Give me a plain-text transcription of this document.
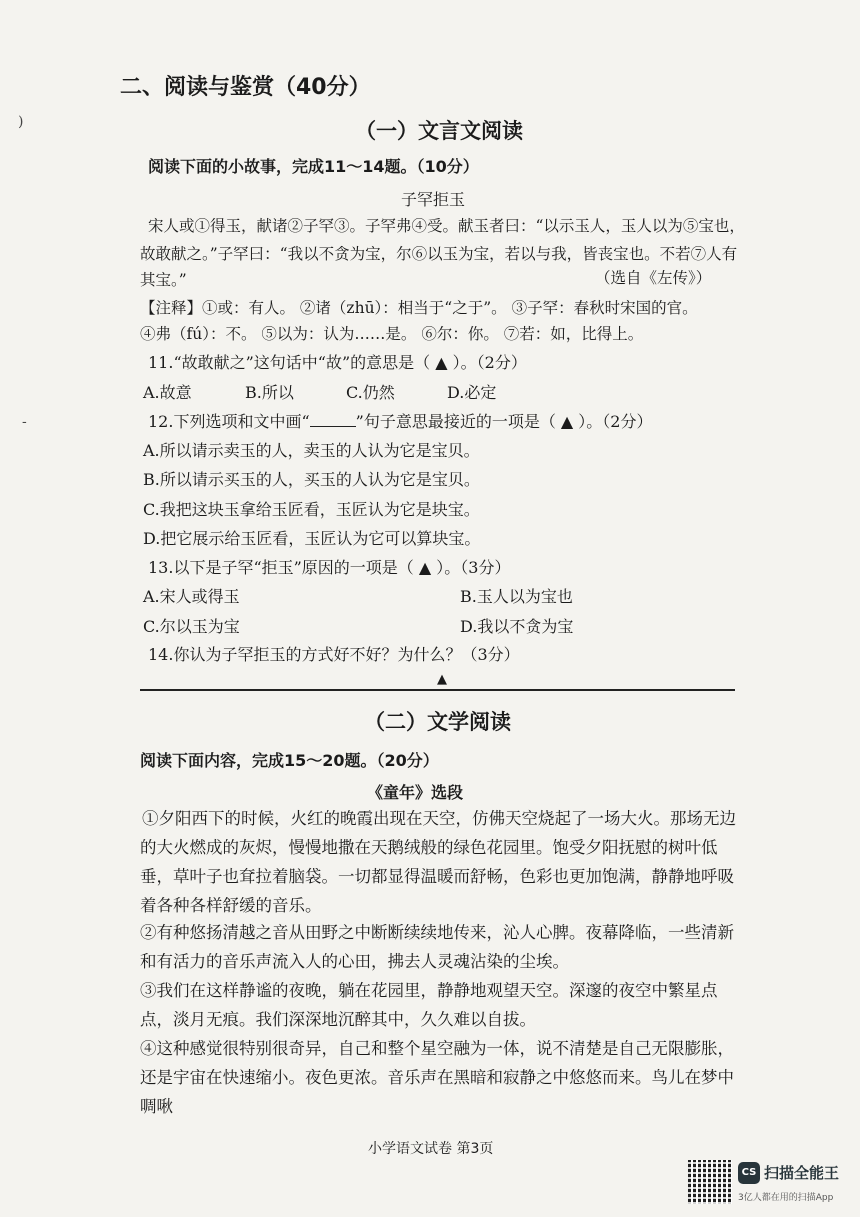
二、阅读与鉴赏（40分）
)
-
（一）文言文阅读
阅读下面的小故事，完成11～14题。（10分）
子罕拒玉
宋人或①得玉，献诸②子罕③。子罕弗④受。献玉者曰：“以示玉人，玉人以为⑤宝也，
故敢献之。”子罕曰：“我以不贪为宝，尔⑥以玉为宝，若以与我，皆丧宝也。不若⑦人有
其宝。”	（选自《左传》）
【注释】①或：有人。 ②诸（zhū）：相当于“之于”。 ③子罕：春秋时宋国的官。
④弗（fú）：不。 ⑤以为：认为……是。 ⑥尔：你。 ⑦若：如，比得上。
11.“故敢献之”这句话中“故”的意思是（ ▲ ）。（2分）
A.故意	B.所以	C.仍然	D.必定
12.下列选项和文中画“	”句子意思最接近的一项是（ ▲ ）。（2分）
A.所以请示卖玉的人，卖玉的人认为它是宝贝。
B.所以请示买玉的人，买玉的人认为它是宝贝。
C.我把这块玉拿给玉匠看，玉匠认为它是块宝。
D.把它展示给玉匠看，玉匠认为它可以算块宝。
13.以下是子罕“拒玉”原因的一项是（ ▲ ）。（3分）
A.宋人或得玉	B.玉人以为宝也
C.尔以玉为宝	D.我以不贪为宝
14.你认为子罕拒玉的方式好不好？为什么？（3分）
▲
（二）文学阅读
阅读下面内容，完成15～20题。（20分）
《童年》选段
①夕阳西下的时候，火红的晚霞出现在天空，仿佛天空烧起了一场大火。那场无边的大火燃成的灰烬，慢慢地撒在天鹅绒般的绿色花园里。饱受夕阳抚慰的树叶低垂，草叶子也耷拉着脑袋。一切都显得温暖而舒畅，色彩也更加饱满，静静地呼吸着各种各样舒缓的音乐。
②有种悠扬清越之音从田野之中断断续续地传来，沁人心脾。夜幕降临，一些清新和有活力的音乐声流入人的心田，拂去人灵魂沾染的尘埃。
③我们在这样静谧的夜晚，躺在花园里，静静地观望天空。深邃的夜空中繁星点点，淡月无痕。我们深深地沉醉其中，久久难以自拔。
④这种感觉很特别很奇异，自己和整个星空融为一体，说不清楚是自己无限膨胀，还是宇宙在快速缩小。夜色更浓。音乐声在黑暗和寂静之中悠悠而来。鸟儿在梦中啁啾
小学语文试卷 第3页
CS 扫描全能王
3亿人都在用的扫描App
